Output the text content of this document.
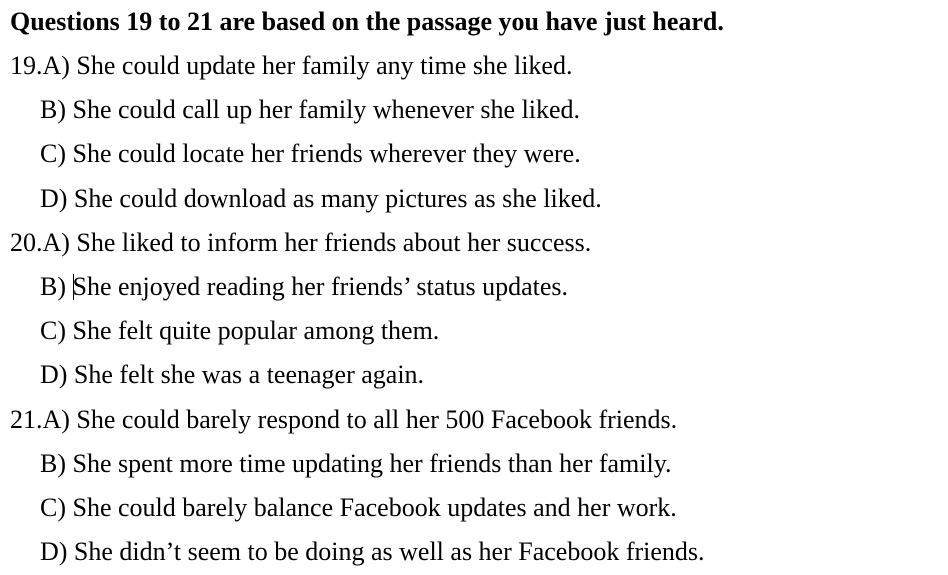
Questions 19 to 21 are based on the passage you have just heard.
19.A) She could update her family any time she liked.
B) She could call up her family whenever she liked.
C) She could locate her friends wherever they were.
D) She could download as many pictures as she liked.
20.A) She liked to inform her friends about her success.
B) She enjoyed reading her friends’ status updates.
C) She felt quite popular among them.
D) She felt she was a teenager again.
21.A) She could barely respond to all her 500 Facebook friends.
B) She spent more time updating her friends than her family.
C) She could barely balance Facebook updates and her work.
D) She didn’t seem to be doing as well as her Facebook friends.
